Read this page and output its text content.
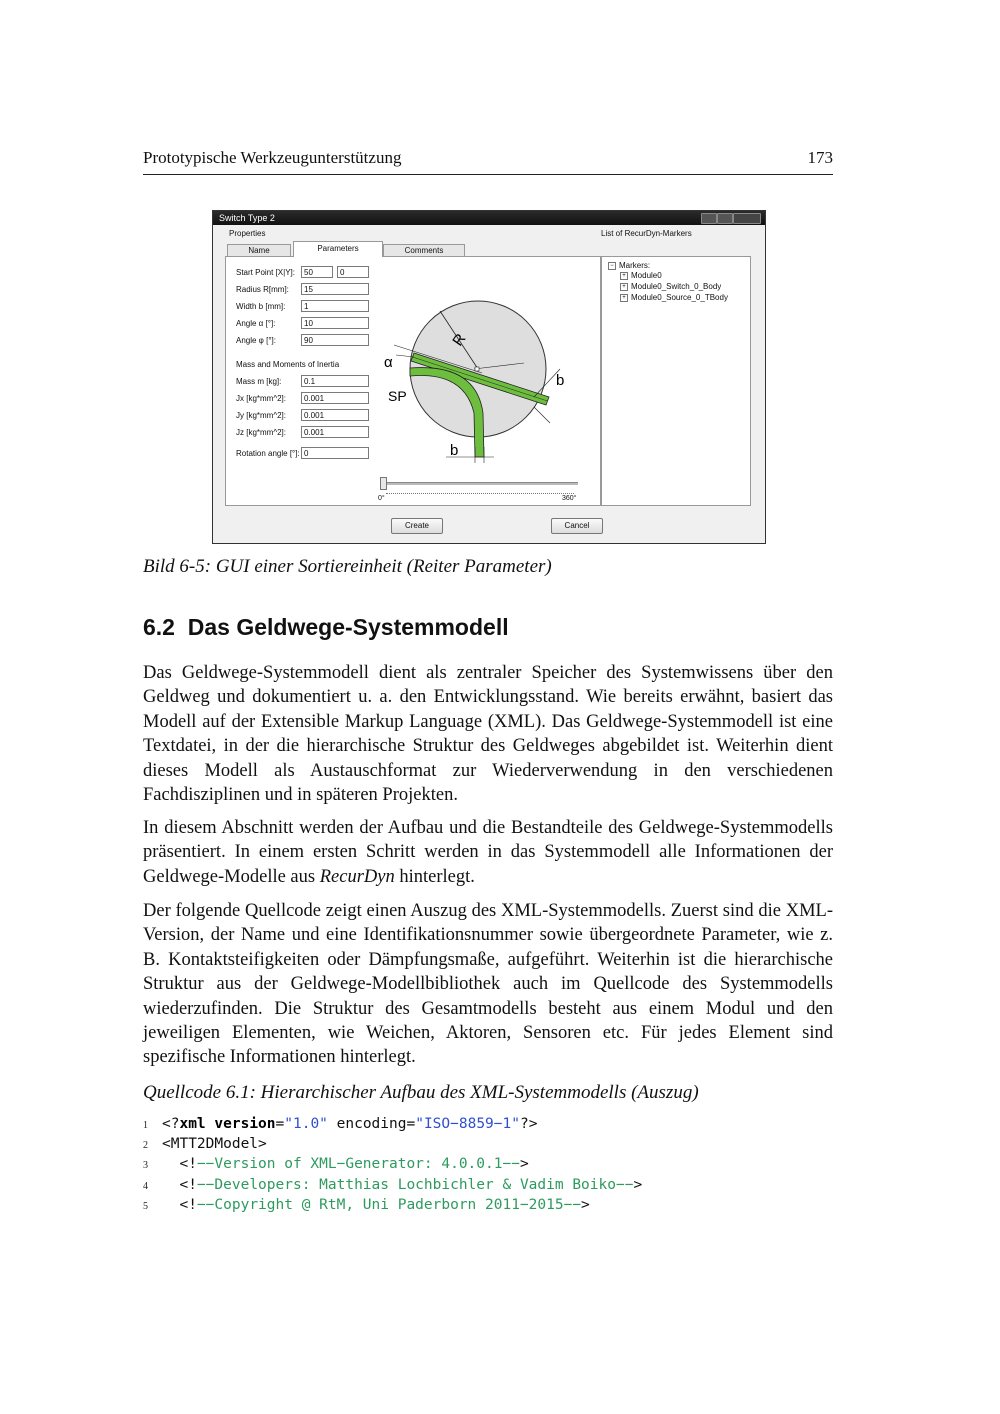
Prototypische Werkzeugunterstützung	173
Switch Type 2
Properties	List of RecurDyn-Markers
Name	Parameters	Comments
Start Point [X|Y]:	50	0
Radius R[mm]:	15
Width b [mm]:	1
Angle α [°]:	10
Angle φ [°]:	90
Mass and Moments of Inertia
Mass m [kg]:	0.1
Jx [kg*mm^2]:	0.001
Jy [kg*mm^2]:	0.001
Jz [kg*mm^2]:	0.001
Rotation angle [°]: 0
R
α
b
SP
b
0°	360°
− Markers:
+ Module0
+ Module0_Switch_0_Body
+ Module0_Source_0_TBody
Create	Cancel
Bild 6-5: GUI einer Sortiereinheit (Reiter Parameter)
6.2 Das Geldwege-Systemmodell

Das Geldwege-Systemmodell dient als zentraler Speicher des Systemwissens über den Geldweg und dokumentiert u. a. den Entwicklungsstand. Wie bereits erwähnt, basiert das Modell auf der Extensible Markup Language (XML). Das Geldwege-Systemmodell ist eine Textdatei, in der die hierarchische Struktur des Geldweges abgebildet ist. Weiterhin dient dieses Modell als Austauschformat zur Wiederverwendung in den verschiedenen Fachdisziplinen und in späteren Projekten.

In diesem Abschnitt werden der Aufbau und die Bestandteile des Geldwege-Systemmodells präsentiert. In einem ersten Schritt werden in das Systemmodell alle Informationen der Geldwege-Modelle aus RecurDyn hinterlegt.

Der folgende Quellcode zeigt einen Auszug des XML-Systemmodells. Zuerst sind die XML-Version, der Name und eine Identifikationsnummer sowie übergeordnete Parameter, wie z. B. Kontaktsteifigkeiten oder Dämpfungsmaße, aufgeführt. Weiterhin ist die hierarchische Struktur aus der Geldwege-Modellbibliothek auch im Quellcode des Systemmodells wiederzufinden. Die Struktur des Gesamtmodells besteht aus einem Modul und den jeweiligen Elementen, wie Weichen, Aktoren, Sensoren etc. Für jedes Element sind spezifische Informationen hinterlegt.

Quellcode 6.1: Hierarchischer Aufbau des XML-Systemmodells (Auszug)
1 <?xml version="1.0" encoding="ISO−8859−1"?>
2 <MTT2DModel>
3 <!−−Version of XML−Generator: 4.0.0.1−−>
4 <!−−Developers: Matthias Lochbichler & Vadim Boiko−−>
5 <!−−Copyright @ RtM, Uni Paderborn 2011−2015−−>
